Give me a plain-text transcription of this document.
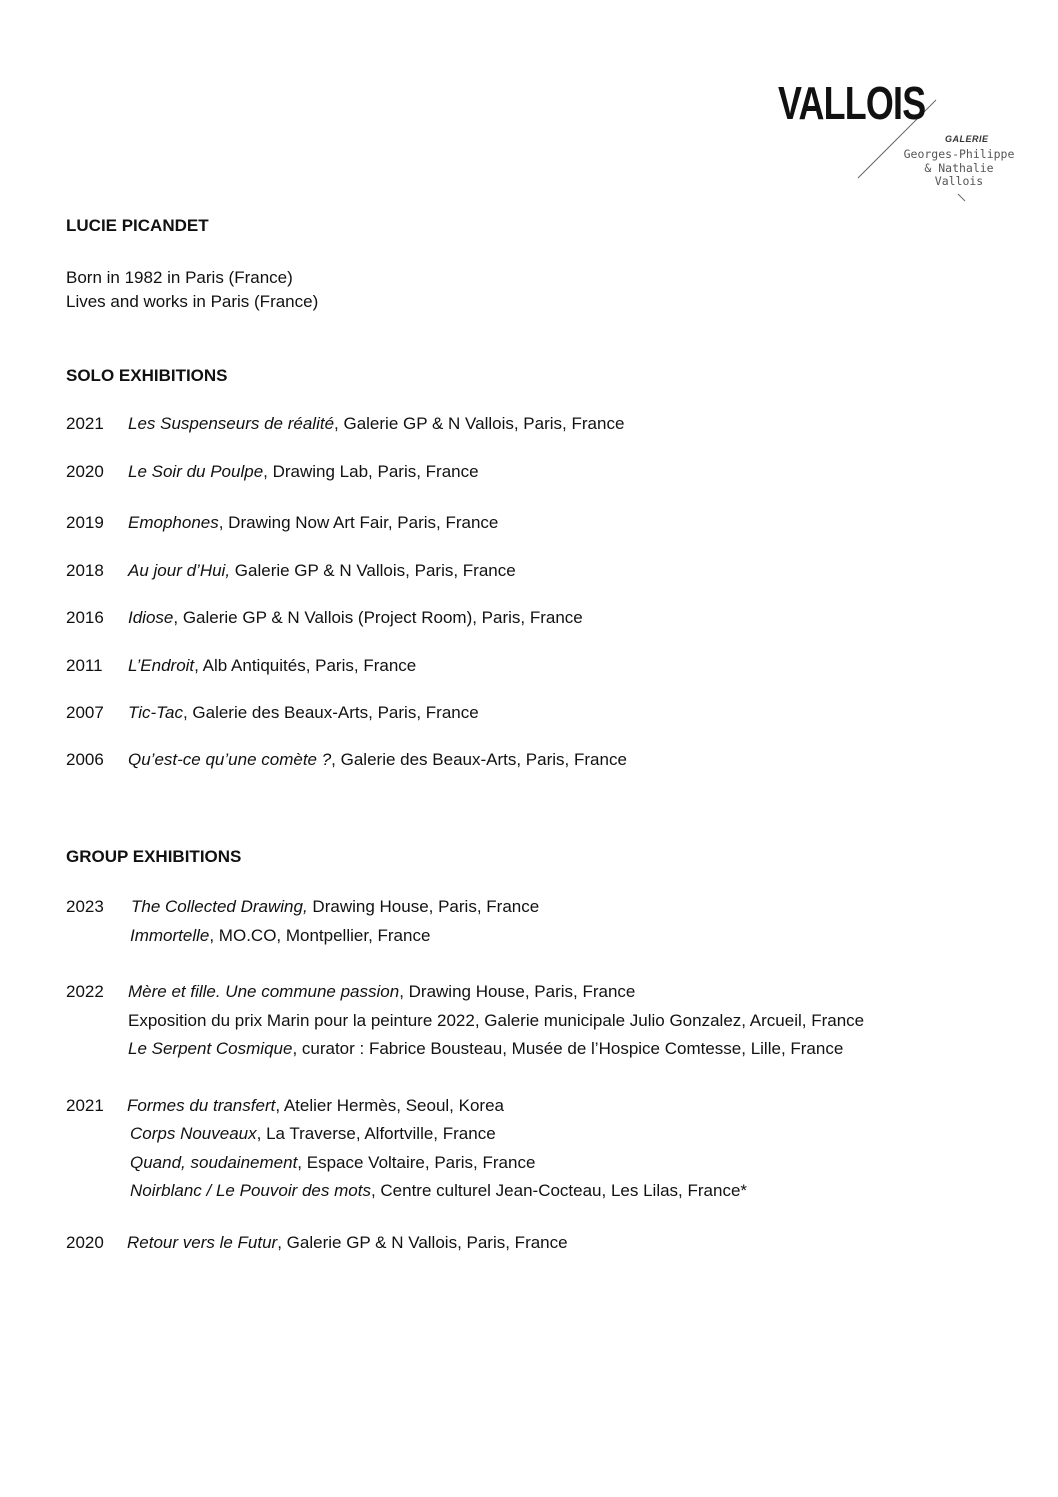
VALLOIS
GALERIE
Georges-Philippe
& Nathalie
Vallois
LUCIE PICANDET
Born in 1982 in Paris (France)
Lives and works in Paris (France)
SOLO EXHIBITIONS
2021 Les Suspenseurs de réalité, Galerie GP & N Vallois, Paris, France
2020 Le Soir du Poulpe, Drawing Lab, Paris, France
2019 Emophones, Drawing Now Art Fair, Paris, France
2018 Au jour d’Hui, Galerie GP & N Vallois, Paris, France
2016 Idiose, Galerie GP & N Vallois (Project Room), Paris, France
2011 L’Endroit, Alb Antiquités, Paris, France
2007 Tic-Tac, Galerie des Beaux-Arts, Paris, France
2006 Qu’est-ce qu’une comète ?, Galerie des Beaux-Arts, Paris, France
GROUP EXHIBITIONS
2023 The Collected Drawing, Drawing House, Paris, France
Immortelle, MO.CO, Montpellier, France
2022 Mère et fille. Une commune passion, Drawing House, Paris, France
Exposition du prix Marin pour la peinture 2022, Galerie municipale Julio Gonzalez, Arcueil, France
Le Serpent Cosmique, curator : Fabrice Bousteau, Musée de l’Hospice Comtesse, Lille, France
2021 Formes du transfert, Atelier Hermès, Seoul, Korea
Corps Nouveaux, La Traverse, Alfortville, France
Quand, soudainement, Espace Voltaire, Paris, France
Noirblanc / Le Pouvoir des mots, Centre culturel Jean-Cocteau, Les Lilas, France*
2020 Retour vers le Futur, Galerie GP & N Vallois, Paris, France
